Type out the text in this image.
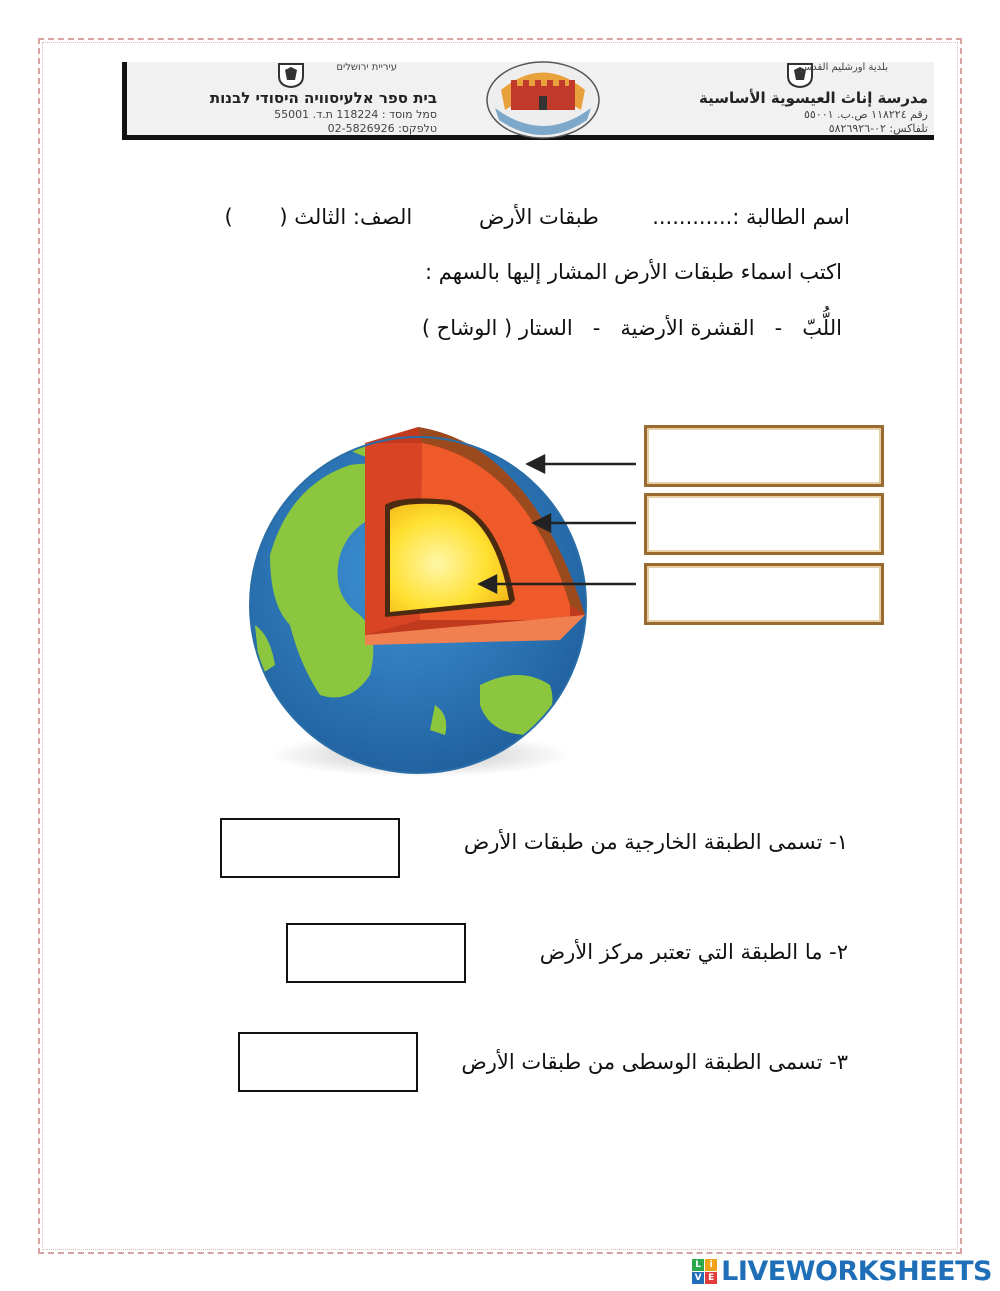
بلدية اورشليم القدس
مدرسة إناث العيسوية الأساسية
رقم ١١٨٢٢٤ ص.ب. ٥٥٠٠١
تلفاكس: ٠٢-٥٨٢٦٩٢٦
עיריית ירושלים
בית ספר אלעיסוויה היסודי לבנות
סמל מוסד : 118224 ת.ד. 55001
טלפקס: 02-5826926
اسم الطالبة :............        طبقات الأرض          الصف: الثالث (       )
اكتب اسماء طبقات الأرض المشار إليها بالسهم :
اللُّبّ   -   القشرة الأرضية   -   الستار ( الوشاح )
١- تسمى الطبقة الخارجية من طبقات الأرض
٢- ما الطبقة التي تعتبر مركز الأرض
٣- تسمى الطبقة الوسطى من طبقات الأرض
L i
V E LIVEWORKSHEETS
